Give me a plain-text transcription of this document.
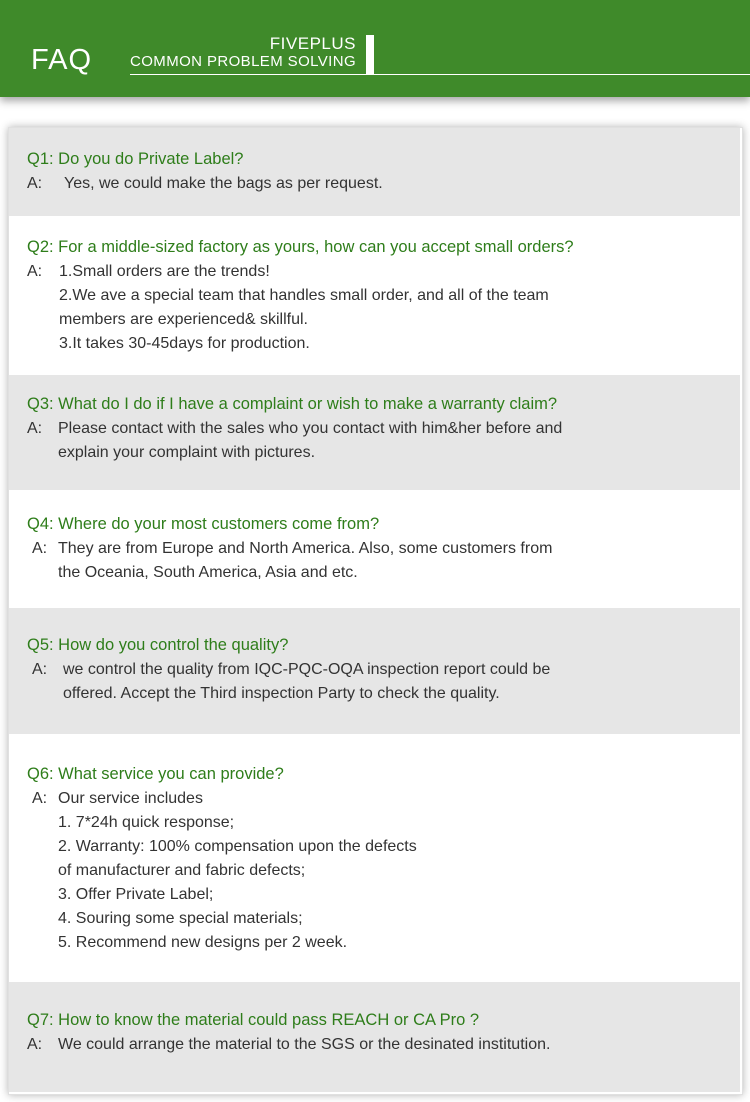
FAQ
FIVEPLUS
COMMON PROBLEM SOLVING
Q1: Do you do Private Label?
A: Yes, we could make the bags as per request.
Q2: For a middle-sized factory as yours, how can you accept small orders?
A: 1.Small orders are the trends!
2.We ave a special team that handles small order, and all of the team
members are experienced& skillful.
3.It takes 30-45days for production.
Q3: What do I do if I have a complaint or wish to make a warranty claim?
A: Please contact with the sales who you contact with him&her before and
explain your complaint with pictures.
Q4: Where do your most customers come from?
A: They are from Europe and North America. Also, some customers from
the Oceania, South America, Asia and etc.
Q5: How do you control the quality?
A: we control the quality from IQC-PQC-OQA inspection report could be
offered. Accept the Third inspection Party to check the quality.
Q6: What service you can provide?
A: Our service includes
1. 7*24h quick response;
2. Warranty: 100% compensation upon the defects
of manufacturer and fabric defects;
3. Offer Private Label;
4. Souring some special materials;
5. Recommend new designs per 2 week.
Q7: How to know the material could pass REACH or CA Pro ?
A: We could arrange the material to the SGS or the desinated institution.
